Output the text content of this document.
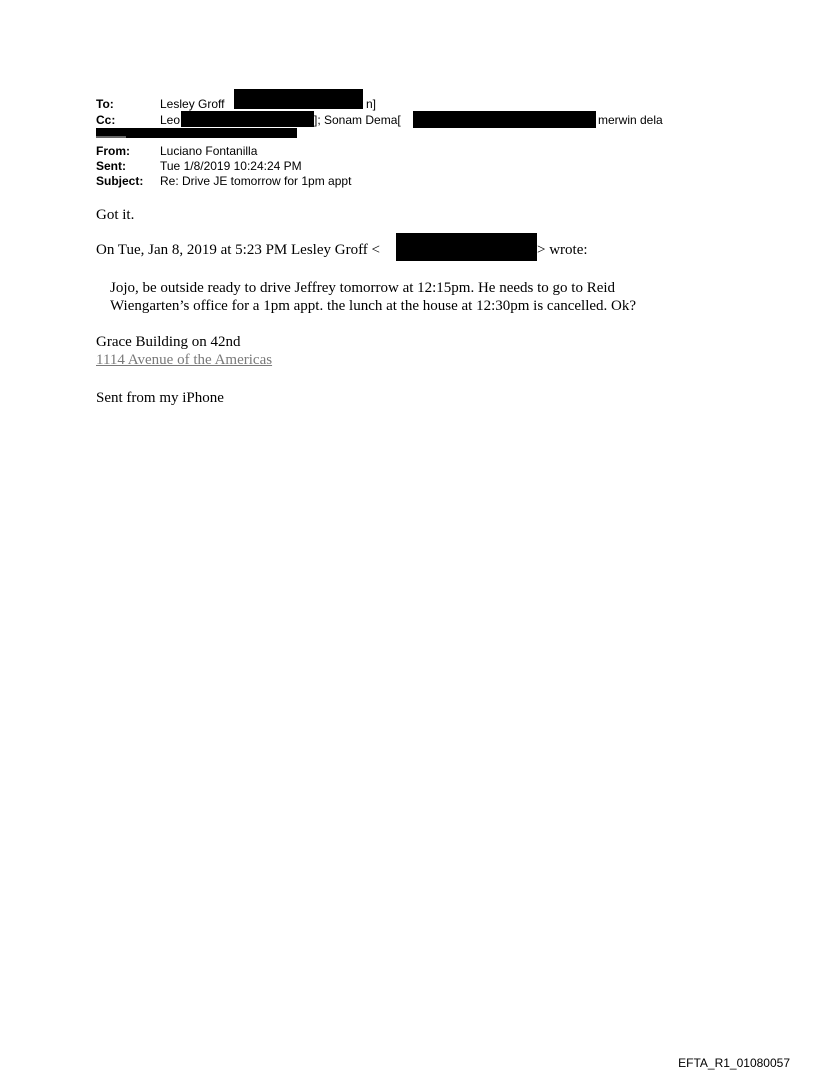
To:	Lesley Groff	n]
Cc:	Leo	]; Sonam Dema[	merwin dela
From:	Luciano Fontanilla
Sent:	Tue 1/8/2019 10:24:24 PM
Subject: Re: Drive JE tomorrow for 1pm appt
Got it.
On Tue, Jan 8, 2019 at 5:23 PM Lesley Groff <	> wrote:
Jojo, be outside ready to drive Jeffrey tomorrow at 12:15pm. He needs to go to Reid
Wiengarten’s office for a 1pm appt. the lunch at the house at 12:30pm is cancelled. Ok?
Grace Building on 42nd
1114 Avenue of the Americas
Sent from my iPhone
EFTA_R1_01080057
